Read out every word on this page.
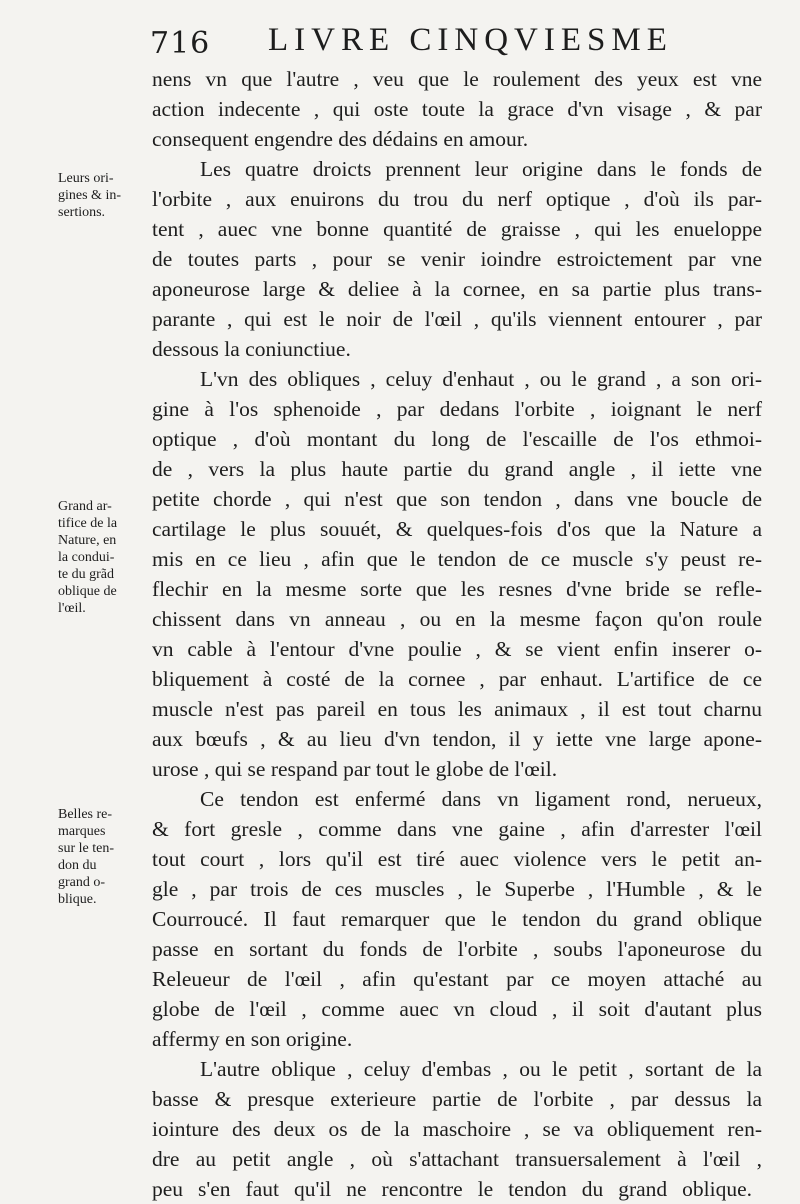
716 LIVRE CINQVIESME
Leurs ori-
gines & in-
sertions.
Grand ar-
tifice de la
Nature, en
la condui-
te du grãd
oblique de
l'œil.
Belles re-
marques
sur le ten-
don du
grand o-
blique.
nens vn que l'autre , veu que le roulement des yeux est vne
action indecente , qui oste toute la grace d'vn visage , & par
consequent engendre des dédains en amour.
Les quatre droicts prennent leur origine dans le fonds de
l'orbite , aux enuirons du trou du nerf optique , d'où ils par-
tent , auec vne bonne quantité de graisse , qui les enueloppe
de toutes parts , pour se venir ioindre estroictement par vne
aponeurose large & deliee à la cornee, en sa partie plus trans-
parante , qui est le noir de l'œil , qu'ils viennent entourer , par
dessous la coniunctiue.
L'vn des obliques , celuy d'enhaut , ou le grand , a son ori-
gine à l'os sphenoide , par dedans l'orbite , ioignant le nerf
optique , d'où montant du long de l'escaille de l'os ethmoi-
de , vers la plus haute partie du grand angle , il iette vne
petite chorde , qui n'est que son tendon , dans vne boucle de
cartilage le plus souuét, & quelques-fois d'os que la Nature a
mis en ce lieu , afin que le tendon de ce muscle s'y peust re-
flechir en la mesme sorte que les resnes d'vne bride se refle-
chissent dans vn anneau , ou en la mesme façon qu'on roule
vn cable à l'entour d'vne poulie , & se vient enfin inserer o-
bliquement à costé de la cornee , par enhaut. L'artifice de ce
muscle n'est pas pareil en tous les animaux , il est tout charnu
aux bœufs , & au lieu d'vn tendon, il y iette vne large apone-
urose , qui se respand par tout le globe de l'œil.
Ce tendon est enfermé dans vn ligament rond, nerueux,
& fort gresle , comme dans vne gaine , afin d'arrester l'œil
tout court , lors qu'il est tiré auec violence vers le petit an-
gle , par trois de ces muscles , le Superbe , l'Humble , & le
Courroucé. Il faut remarquer que le tendon du grand oblique
passe en sortant du fonds de l'orbite , soubs l'aponeurose du
Releueur de l'œil , afin qu'estant par ce moyen attaché au
globe de l'œil , comme auec vn cloud , il soit d'autant plus
affermy en son origine.
L'autre oblique , celuy d'embas , ou le petit , sortant de la
basse & presque exterieure partie de l'orbite , par dessus la
iointure des deux os de la maschoire , se va obliquement ren-
dre au petit angle , où s'attachant transuersalement à l'œil ,
peu s'en faut qu'il ne rencontre le tendon du grand oblique.
